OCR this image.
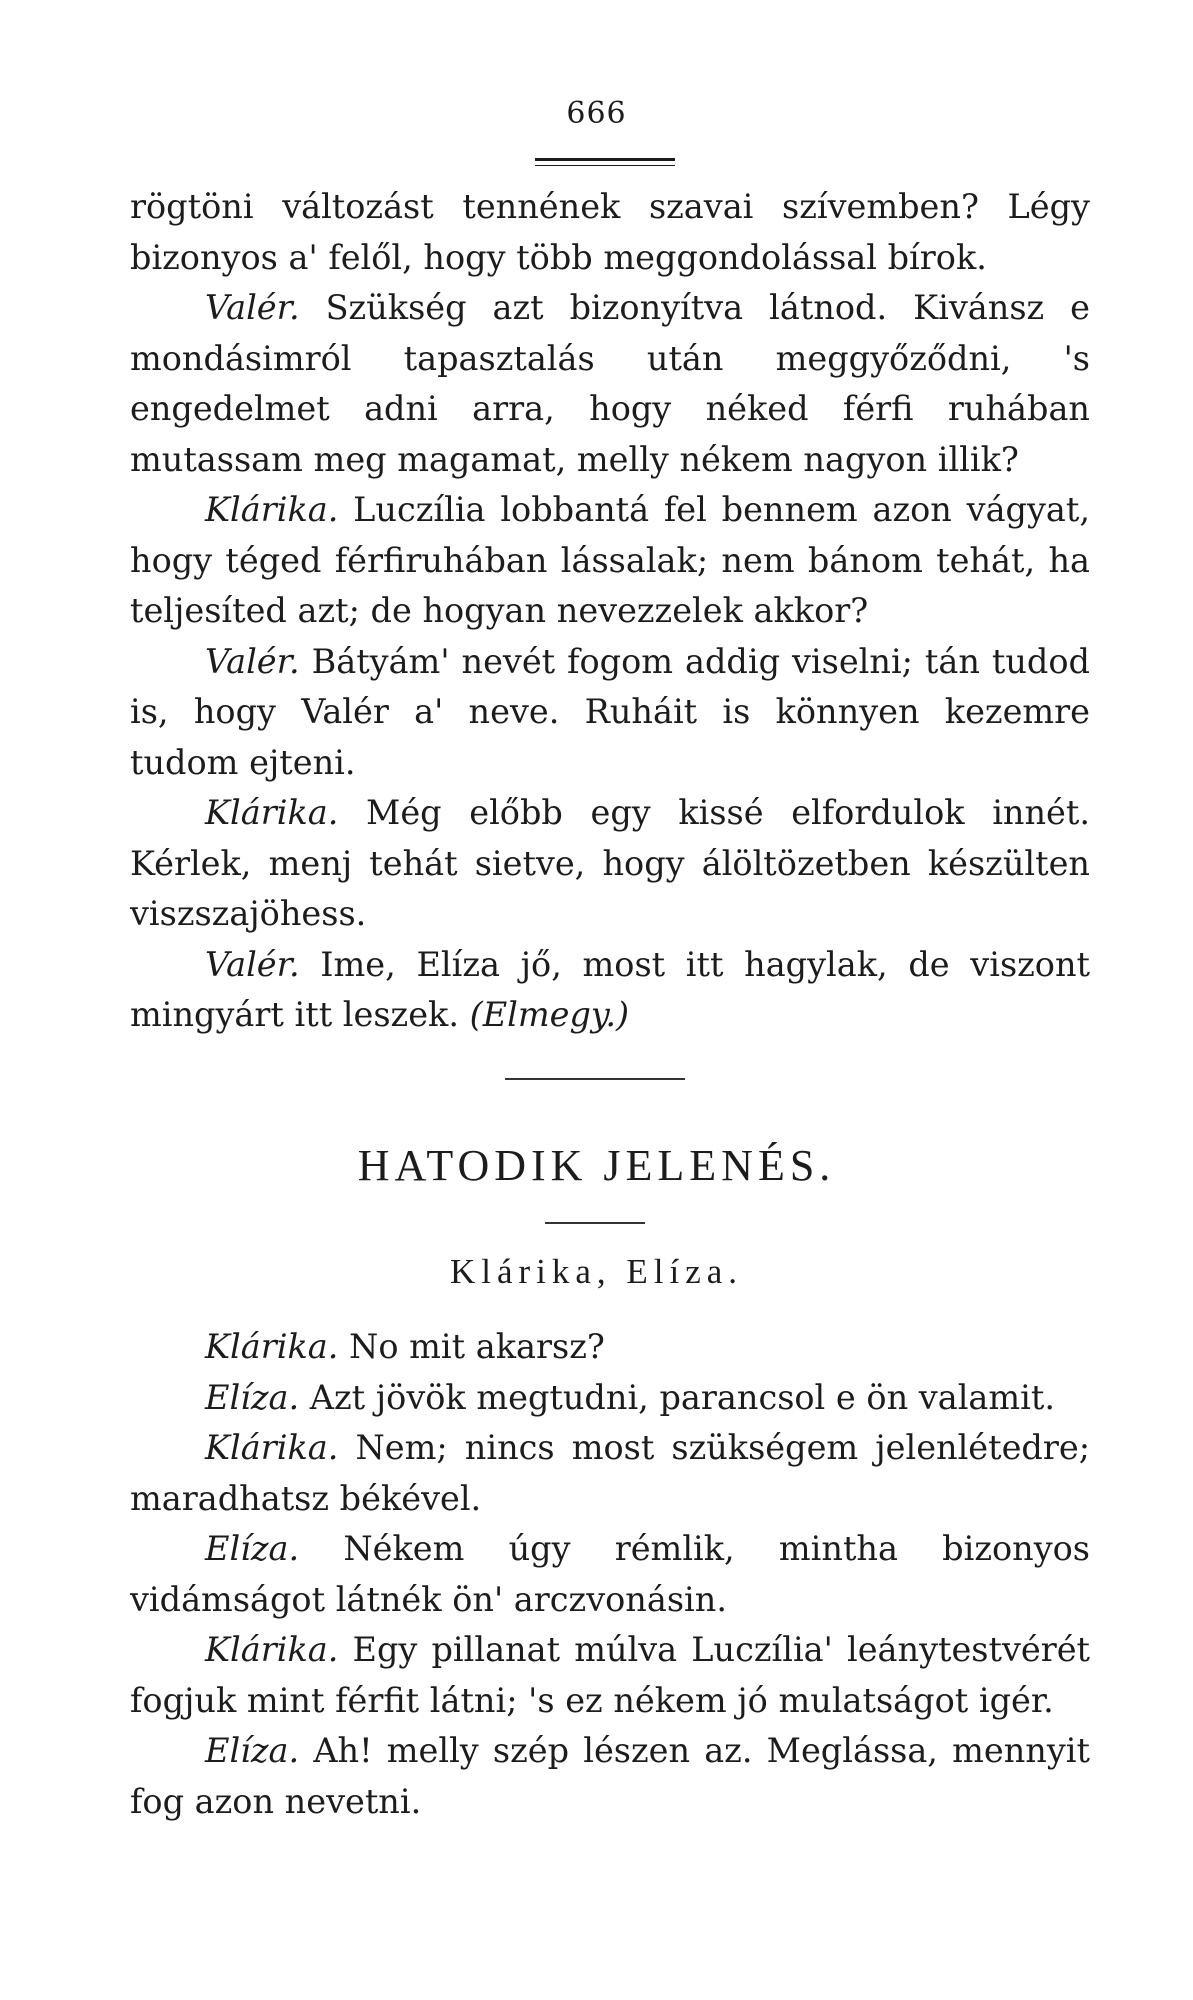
666

rögtöni változást tennének szavai szívemben? Légy bizonyos a' felől, hogy több meggondolással bírok.

Valér. Szükség azt bizonyítva látnod. Kivánsz e mondásimról tapasztalás után meggyőződni, 's engedelmet adni arra, hogy néked férfi ruhában mutassam meg magamat, melly nékem nagyon illik?

Klárika. Luczília lobbantá fel bennem azon vágyat, hogy téged férfiruhában lássalak; nem bánom tehát, ha teljesíted azt; de hogyan nevezzelek akkor?

Valér. Bátyám' nevét fogom addig viselni; tán tudod is, hogy Valér a' neve. Ruháit is könnyen kezemre tudom ejteni.

Klárika. Még előbb egy kissé elfordulok innét. Kérlek, menj tehát sietve, hogy álöltözetben készülten viszszajöhess.

Valér. Ime, Elíza jő, most itt hagylak, de viszont mingyárt itt leszek. (Elmegy.)

HATODIK JELENÉS.
Klárika, Elíza.

Klárika. No mit akarsz?

Elíza. Azt jövök megtudni, parancsol e ön valamit.

Klárika. Nem; nincs most szükségem jelenlétedre; maradhatsz békével.

Elíza. Nékem úgy rémlik, mintha bizonyos vidámságot látnék ön' arczvonásin.

Klárika. Egy pillanat múlva Luczília' leánytestvérét fogjuk mint férfit látni; 's ez nékem jó mulatságot igér.

Elíza. Ah! melly szép lészen az. Meglássa, mennyit fog azon nevetni.
